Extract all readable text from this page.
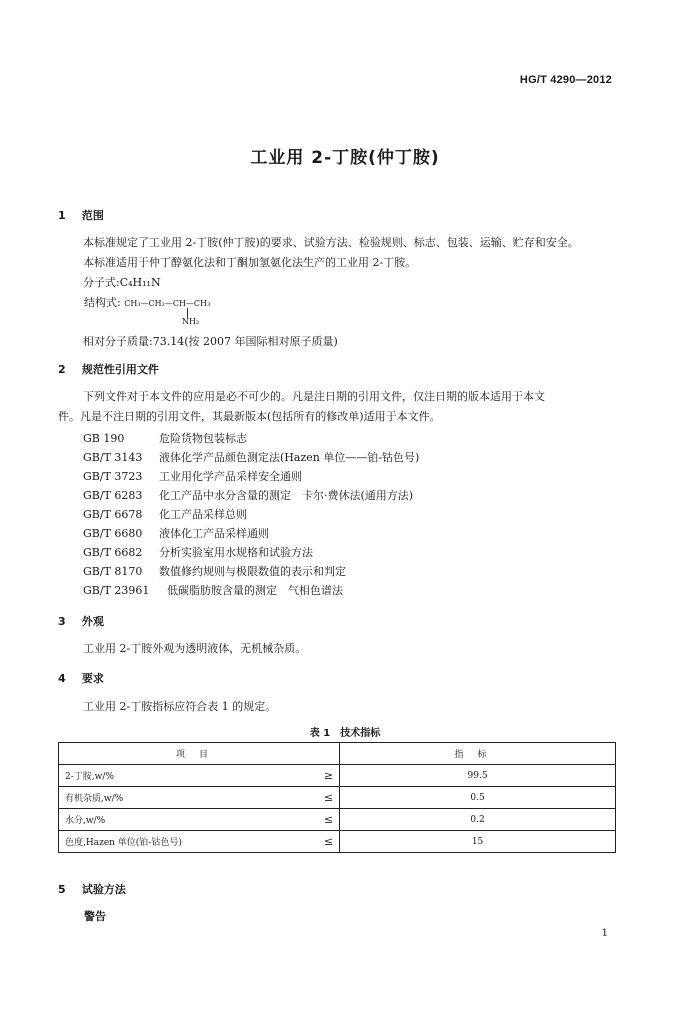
HG/T 4290—2012
工业用 2-丁胺(仲丁胺)
1 范围
本标准规定了工业用 2-丁胺(仲丁胺)的要求、试验方法、检验规则、标志、包装、运输、贮存和安全。
本标准适用于仲丁醇氨化法和丁酮加氢氨化法生产的工业用 2-丁胺。
分子式:C₄H₁₁N
结构式: CH₃—CH₂—CH—CH₃
NH₂
相对分子质量:73.14(按 2007 年国际相对原子质量)
2 规范性引用文件
下列文件对于本文件的应用是必不可少的。凡是注日期的引用文件，仅注日期的版本适用于本文
件。凡是不注日期的引用文件，其最新版本(包括所有的修改单)适用于本文件。
GB 190	危险货物包装标志
GB/T 3143 液体化学产品颜色测定法(Hazen 单位——铂-钴色号)
GB/T 3723 工业用化学产品采样安全通则
GB/T 6283 化工产品中水分含量的测定　卡尔·费休法(通用方法)
GB/T 6678 化工产品采样总则
GB/T 6680 液体化工产品采样通则
GB/T 6682 分析实验室用水规格和试验方法
GB/T 8170 数值修约规则与极限数值的表示和判定
GB/T 23961 低碳脂肪胺含量的测定　气相色谱法
3 外观
工业用 2-丁胺外观为透明液体，无机械杂质。
4 要求
工业用 2-丁胺指标应符合表 1 的规定。
表 1　技术指标
项目		指标
2-丁胺,w/%	≥	99.5
有机杂质,w/%	≤	0.5
水分,w/%	≤	0.2
色度,Hazen 单位(铂-钴色号)	≤	15
5 试验方法
警告
1
